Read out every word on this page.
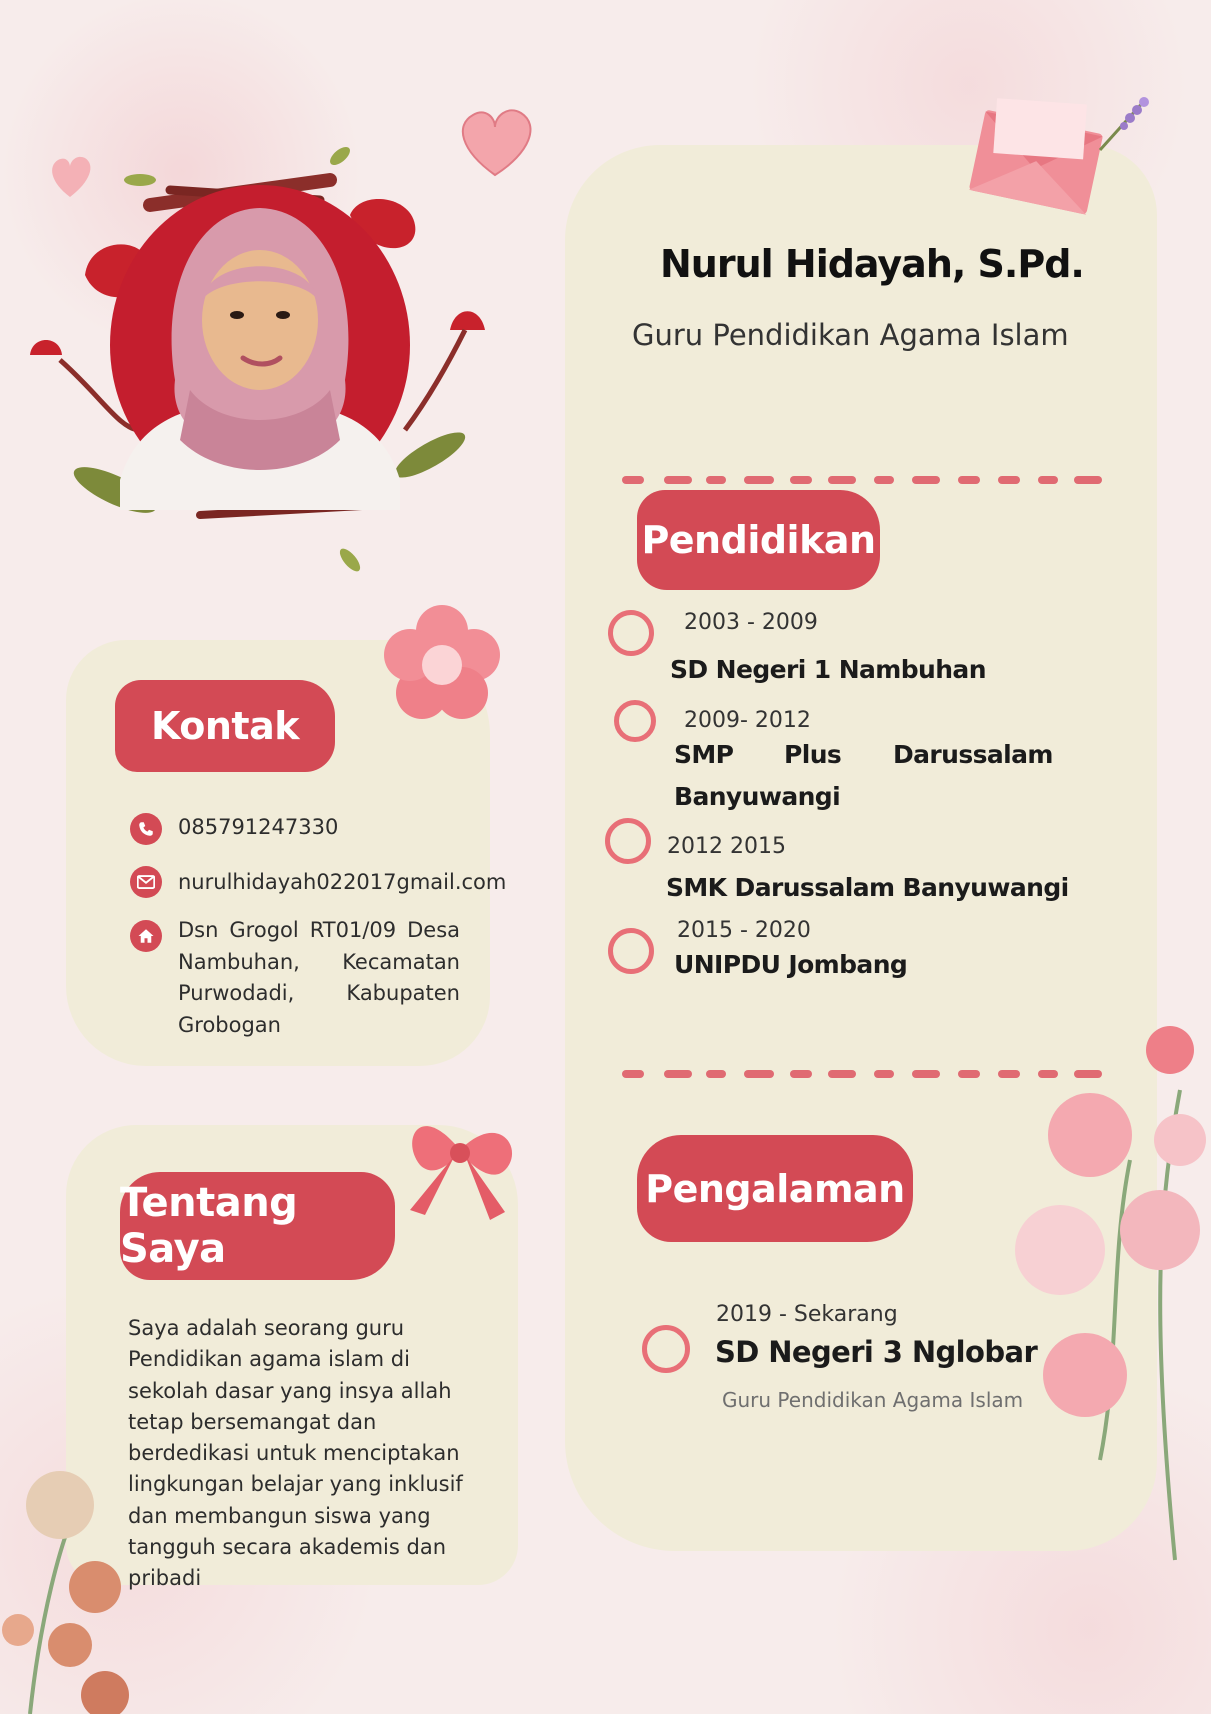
Nurul Hidayah, S.Pd.
Guru Pendidikan Agama Islam
Kontak
Tentang Saya
Pendidikan
Pengalaman
085791247330
nurulhidayah022017gmail.com
Dsn Grogol RT01/09 Desa Nambuhan, Kecamatan Purwodadi, Kabupaten Grobogan
Saya adalah seorang guru Pendidikan agama islam di sekolah dasar yang insya allah tetap bersemangat dan berdedikasi untuk menciptakan lingkungan belajar yang inklusif dan membangun siswa yang tangguh secara akademis dan pribadi
2003 - 2009
SD Negeri 1 Nambuhan
2009- 2012
SMP Plus Darussalam
Banyuwangi
2012 2015
SMK Darussalam Banyuwangi
2015 - 2020
UNIPDU Jombang
2019 - Sekarang
SD Negeri 3 Nglobar
Guru Pendidikan Agama Islam
